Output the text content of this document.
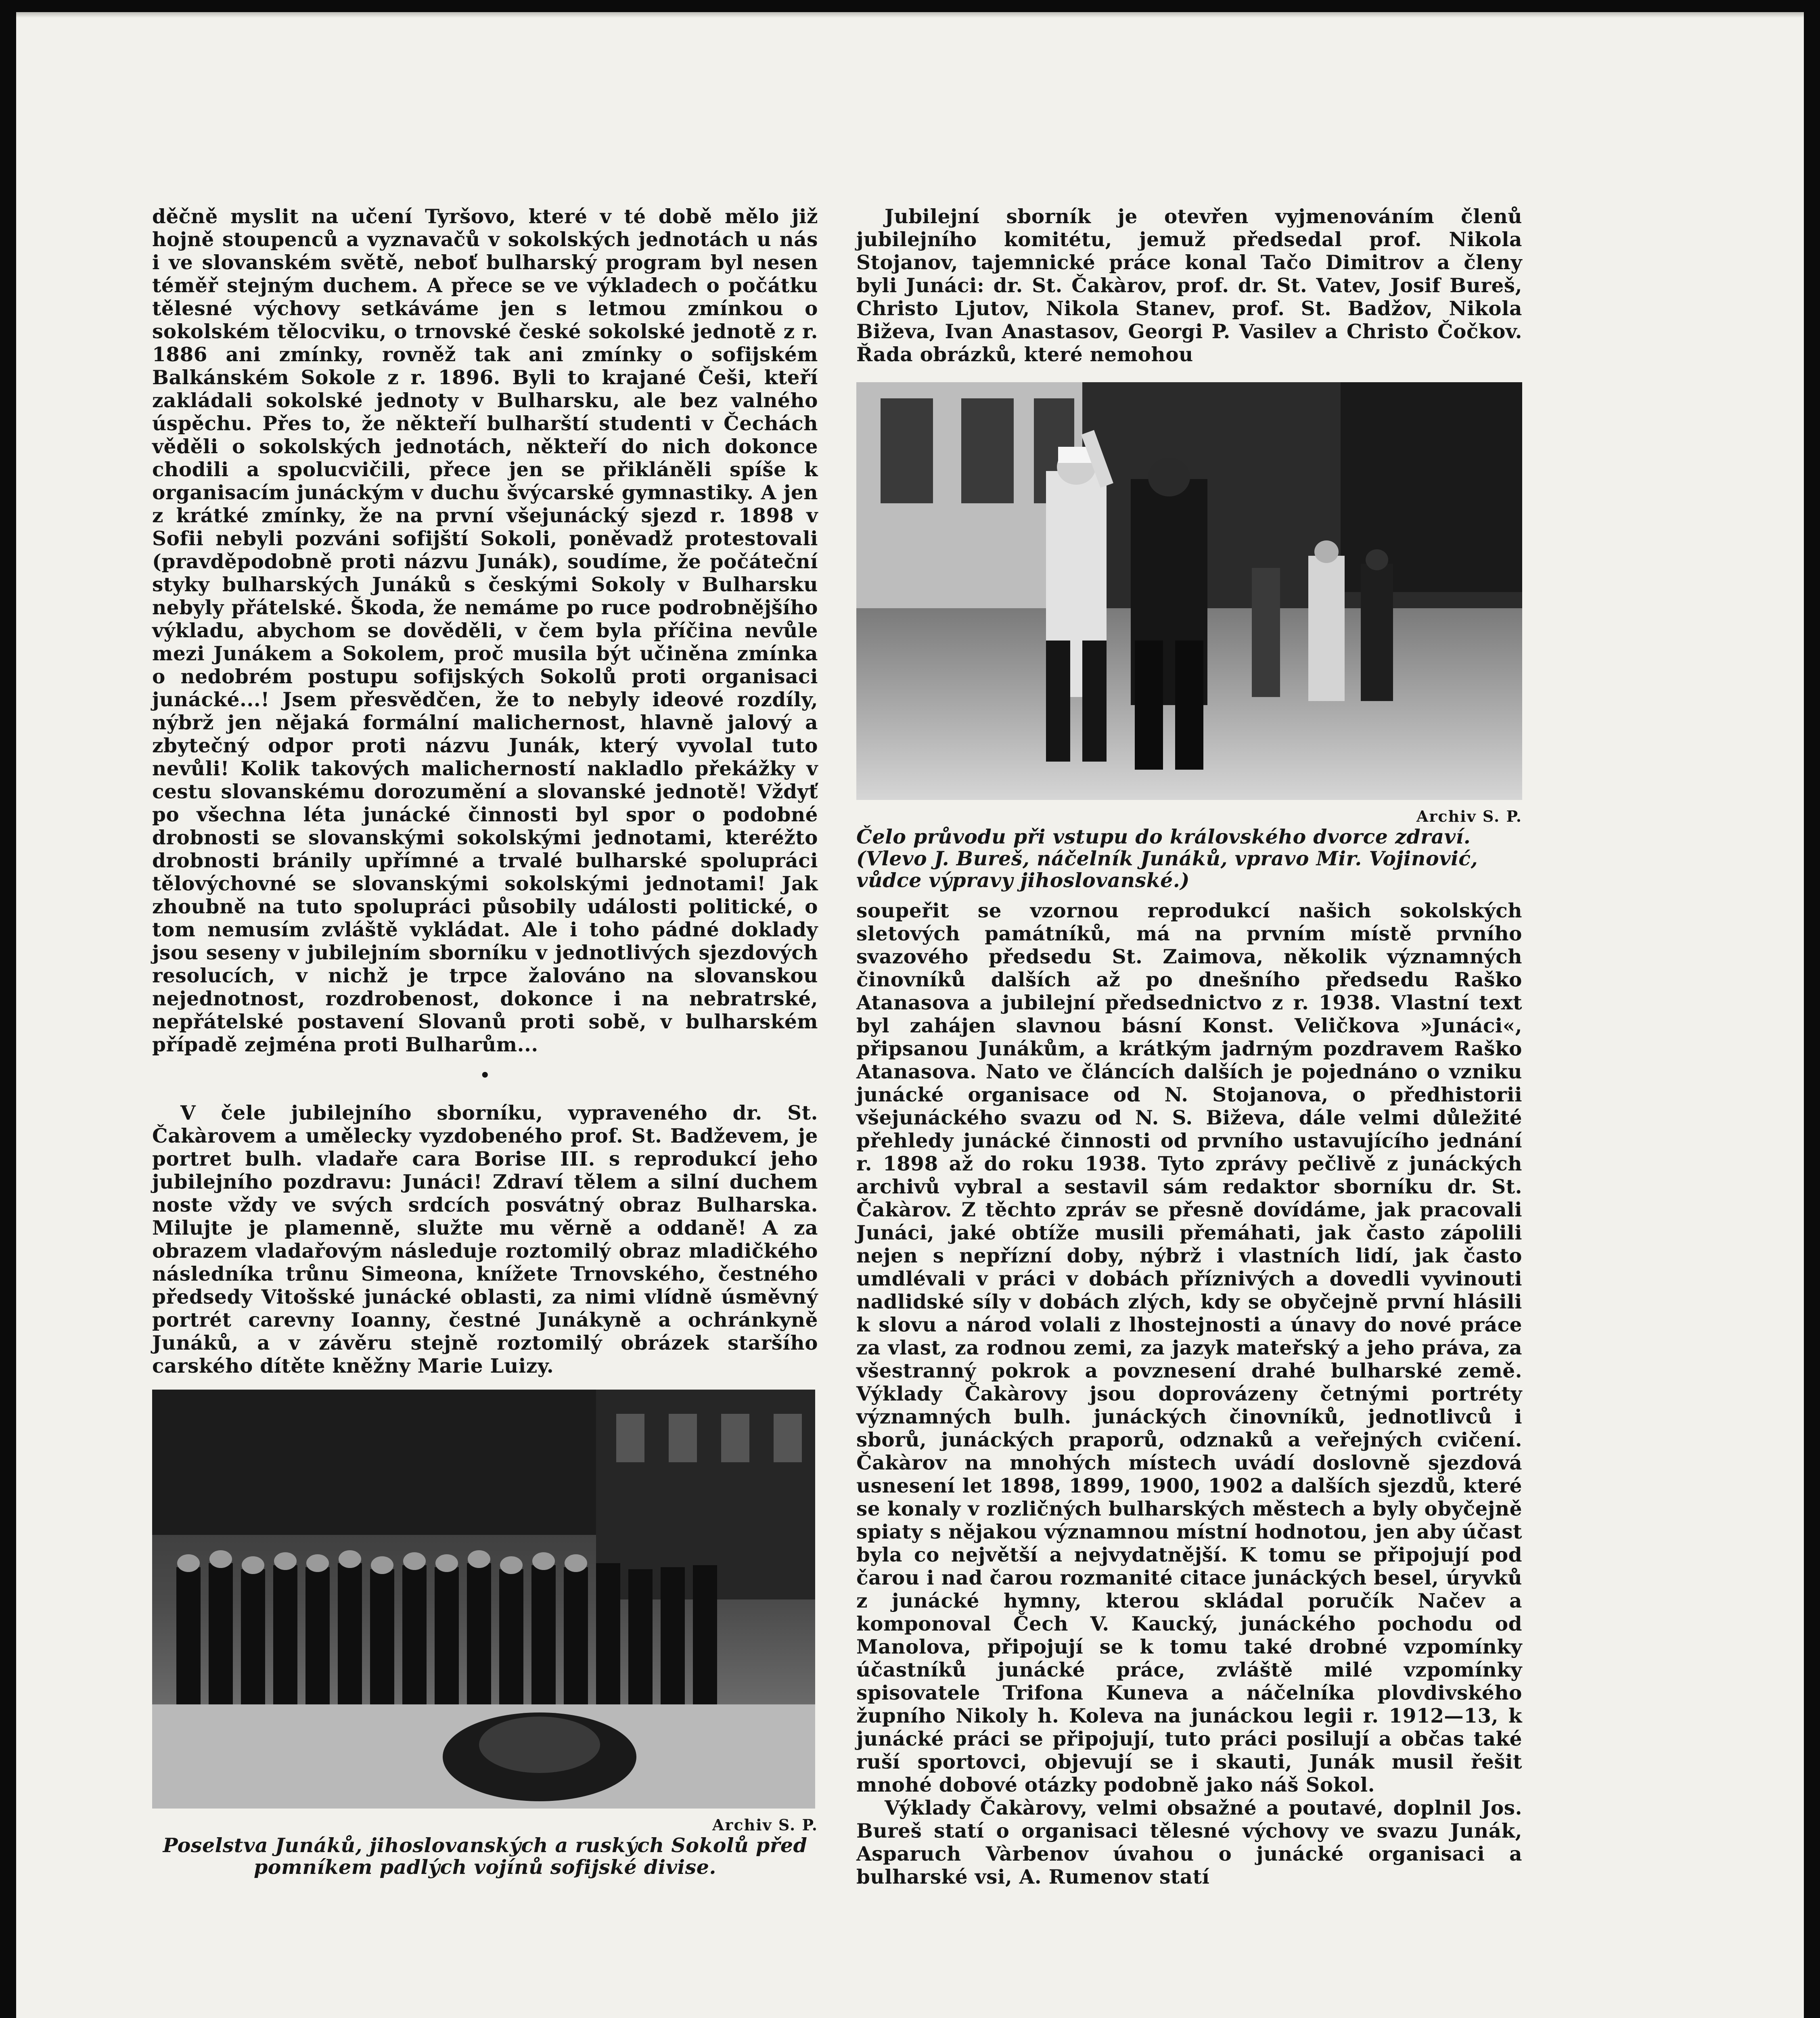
děčně myslit na učení Tyršovo, které v té době mělo již hojně stoupenců a vyznavačů v sokolských jednotách u nás i ve slovanském světě, neboť bulharský program byl nesen téměř stejným duchem. A přece se ve výkladech o počátku tělesné výchovy setkáváme jen s letmou zmínkou o sokolském tělocviku, o trnovské české sokolské jednotě z r. 1886 ani zmínky, rovněž tak ani zmínky o sofijském Balkánském Sokole z r. 1896. Byli to krajané Češi, kteří zakládali sokolské jednoty v Bulharsku, ale bez valného úspěchu. Přes to, že někteří bulharští studenti v Čechách věděli o sokolských jednotách, někteří do nich dokonce chodili a spolucvičili, přece jen se přikláněli spíše k organisacím junáckým v duchu švýcarské gymnastiky. A jen z krátké zmínky, že na první všejunácký sjezd r. 1898 v Sofii nebyli pozváni sofijští Sokoli, poněvadž protestovali (pravděpodobně proti názvu Junák), soudíme, že počáteční styky bulharských Junáků s českými Sokoly v Bulharsku nebyly přátelské. Škoda, že nemáme po ruce podrobnějšího výkladu, abychom se dověděli, v čem byla příčina nevůle mezi Junákem a Sokolem, proč musila být učiněna zmínka o nedobrém postupu sofijských Sokolů proti organisaci junácké...! Jsem přesvědčen, že to nebyly ideové rozdíly, nýbrž jen nějaká formální malichernost, hlavně jalový a zbytečný odpor proti názvu Junák, který vyvolal tuto nevůli! Kolik takových malicherností nakladlo překážky v cestu slovanskému dorozumění a slovanské jednotě! Vždyť po všechna léta junácké činnosti byl spor o podobné drobnosti se slovanskými sokolskými jednotami, kteréžto drobnosti bránily upřímné a trvalé bulharské spolupráci tělovýchovné se slovanskými sokolskými jednotami! Jak zhoubně na tuto spolupráci působily události politické, o tom nemusím zvláště vykládat. Ale i toho pádné doklady jsou seseny v jubilejním sborníku v jednotlivých sjezdových resolucích, v nichž je trpce žalováno na slovanskou nejednotnost, rozdrobenost, dokonce i na nebratrské, nepřátelské postavení Slovanů proti sobě, v bulharském případě zejména proti Bulharům...

•

V čele jubilejního sborníku, vypraveného dr. St. Čakàrovem a umělecky vyzdobeného prof. St. Badževem, je portret bulh. vladaře cara Borise III. s reprodukcí jeho jubilejního pozdravu: Junáci! Zdraví tělem a silní duchem noste vždy ve svých srdcích posvátný obraz Bulharska. Milujte je plamenně, služte mu věrně a oddaně! A za obrazem vladařovým následuje roztomilý obraz mladičkého následníka trůnu Simeona, knížete Trnovského, čestného předsedy Vitošské junácké oblasti, za nimi vlídně úsměvný portrét carevny Ioanny, čestné Junákyně a ochránkyně Junáků, a v závěru stejně roztomilý obrázek staršího carského dítěte kněžny Marie Luizy.

Archiv S. P.

Poselstva Junáků, jihoslovanských a ruských Sokolů před pomníkem padlých vojínů sofijské divise.

Jubilejní sborník je otevřen vyjmenováním členů jubilejního komitétu, jemuž předsedal prof. Nikola Stojanov, tajemnické práce konal Tačo Dimitrov a členy byli Junáci: dr. St. Čakàrov, prof. dr. St. Vatev, Josif Bureš, Christo Ljutov, Nikola Stanev, prof. St. Badžov, Nikola Biževa, Ivan Anastasov, Georgi P. Vasilev a Christo Čočkov. Řada obrázků, které nemohou

Archiv S. P.

Čelo průvodu při vstupu do královského dvorce zdraví. (Vlevo J. Bureš, náčelník Junáků, vpravo Mir. Vojinović, vůdce výpravy jihoslovanské.)

soupeřit se vzornou reprodukcí našich sokolských sletových památníků, má na prvním místě prvního svazového předsedu St. Zaimova, několik významných činovníků dalších až po dnešního předsedu Raško Atanasova a jubilejní předsednictvo z r. 1938. Vlastní text byl zahájen slavnou básní Konst. Veličkova »Junáci«, připsanou Junákům, a krátkým jadrným pozdravem Raško Atanasova. Nato ve článcích dalších je pojednáno o vzniku junácké organisace od N. Stojanova, o předhistorii všejunáckého svazu od N. S. Biževa, dále velmi důležité přehledy junácké činnosti od prvního ustavujícího jednání r. 1898 až do roku 1938. Tyto zprávy pečlivě z junáckých archivů vybral a sestavil sám redaktor sborníku dr. St. Čakàrov. Z těchto zpráv se přesně dovídáme, jak pracovali Junáci, jaké obtíže musili přemáhati, jak často zápolili nejen s nepřízní doby, nýbrž i vlastních lidí, jak často umdlévali v práci v dobách příznivých a dovedli vyvinouti nadlidské síly v dobách zlých, kdy se obyčejně první hlásili k slovu a národ volali z lhostejnosti a únavy do nové práce za vlast, za rodnou zemi, za jazyk mateřský a jeho práva, za všestranný pokrok a povznesení drahé bulharské země. Výklady Čakàrovy jsou doprovázeny četnými portréty významných bulh. junáckých činovníků, jednotlivců i sborů, junáckých praporů, odznaků a veřejných cvičení. Čakàrov na mnohých místech uvádí doslovně sjezdová usnesení let 1898, 1899, 1900, 1902 a dalších sjezdů, které se konaly v rozličných bulharských městech a byly obyčejně spiaty s nějakou významnou místní hodnotou, jen aby účast byla co největší a nejvydatnější. K tomu se připojují pod čarou i nad čarou rozmanité citace junáckých besel, úryvků z junácké hymny, kterou skládal poručík Načev a komponoval Čech V. Kaucký, junáckého pochodu od Manolova, připojují se k tomu také drobné vzpomínky účastníků junácké práce, zvláště milé vzpomínky spisovatele Trifona Kuneva a náčelníka plovdivského župního Nikoly h. Koleva na junáckou legii r. 1912—13, k junácké práci se připojují, tuto práci posilují a občas také ruší sportovci, objevují se i skauti, Junák musil řešit mnohé dobové otázky podobně jako náš Sokol.

Výklady Čakàrovy, velmi obsažné a poutavé, doplnil Jos. Bureš statí o organisaci tělesné výchovy ve svazu Junák, Asparuch Vàrbenov úvahou o junácké organisaci a bulharské vsi, A. Rumenov statí
